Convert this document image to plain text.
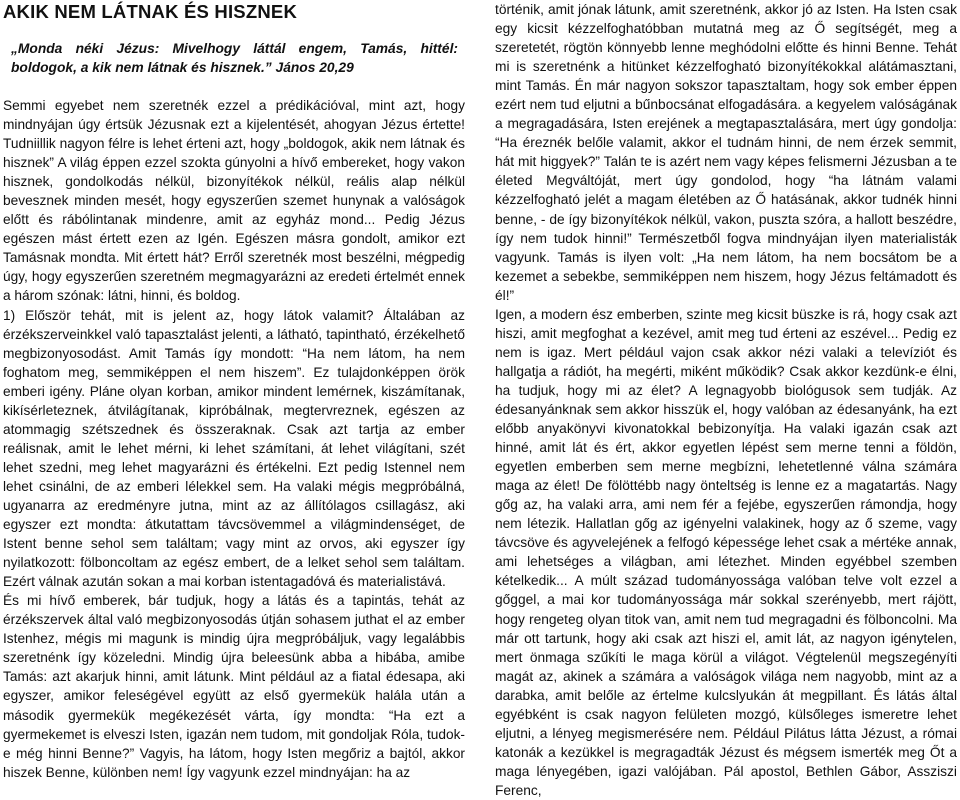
AKIK NEM LÁTNAK ÉS HISZNEK
„Monda néki Jézus: Mivelhogy láttál engem, Tamás, hittél: boldogok, a kik nem látnak és hisznek.” János 20,29

Semmi egyebet nem szeretnék ezzel a prédikációval, mint azt, hogy mindnyájan úgy értsük Jézusnak ezt a kijelentését, ahogyan Jézus értette! Tudniillik nagyon félre is lehet érteni azt, hogy „boldogok, akik nem látnak és hisznek” A világ éppen ezzel szokta gúnyolni a hívő embereket, hogy vakon hisznek, gondolkodás nélkül, bizonyítékok nélkül, reális alap nélkül bevesznek minden mesét, hogy egyszerűen szemet hunynak a valóságok előtt és rábólintanak mindenre, amit az egyház mond... Pedig Jézus egészen mást értett ezen az Igén. Egészen másra gondolt, amikor ezt Tamásnak mondta. Mit értett hát? Erről szeretnék most beszélni, mégpedig úgy, hogy egyszerűen szeretném megmagyarázni az eredeti értelmét ennek a három szónak: látni, hinni, és boldog.

1) Először tehát, mit is jelent az, hogy látok valamit? Általában az érzékszerveinkkel való tapasztalást jelenti, a látható, tapintható, érzékelhető megbizonyosodást. Amit Tamás így mondott: “Ha nem látom, ha nem foghatom meg, semmiképpen el nem hiszem”. Ez tulajdonképpen örök emberi igény. Pláne olyan korban, amikor mindent lemérnek, kiszámítanak, kikísérleteznek, átvilágítanak, kipróbálnak, megtervreznek, egészen az atommagig szétszednek és összeraknak. Csak azt tartja az ember reálisnak, amit le lehet mérni, ki lehet számítani, át lehet világítani, szét lehet szedni, meg lehet magyarázni és értékelni. Ezt pedig Istennel nem lehet csinálni, de az emberi lélekkel sem. Ha valaki mégis megpróbálná, ugyanarra az eredményre jutna, mint az az állítólagos csillagász, aki egyszer ezt mondta: átkutattam távcsövemmel a világmindenséget, de Istent benne sehol sem találtam; vagy mint az orvos, aki egyszer így nyilatkozott: fölboncoltam az egész embert, de a lelket sehol sem találtam. Ezért válnak azután sokan a mai korban istentagadóvá és materialistává.

És mi hívő emberek, bár tudjuk, hogy a látás és a tapintás, tehát az érzékszervek által való megbizonyosodás útján sohasem juthat el az ember Istenhez, mégis mi magunk is mindig újra megpróbáljuk, vagy legalábbis szeretnénk így közeledni. Mindig újra beleesünk abba a hibába, amibe Tamás: azt akarjuk hinni, amit látunk. Mint például az a fiatal édesapa, aki egyszer, amikor feleségével együtt az első gyermekük halála után a második gyermekük megékezését várta, így mondta: “Ha ezt a gyermekemet is elveszi Isten, igazán nem tudom, mit gondoljak Róla, tudok-e még hinni Benne?” Vagyis, ha látom, hogy Isten megőriz a bajtól, akkor hiszek Benne, különben nem! Így vagyunk ezzel mindnyájan: ha az

történik, amit jónak látunk, amit szeretnénk, akkor jó az Isten. Ha Isten csak egy kicsit kézzelfoghatóbban mutatná meg az Ő segítségét, meg a szeretetét, rögtön könnyebb lenne meghódolni előtte és hinni Benne. Tehát mi is szeretnénk a hitünket kézzelfogható bizonyítékokkal alátámasztani, mint Tamás. Én már nagyon sokszor tapasztaltam, hogy sok ember éppen ezért nem tud eljutni a bűnbocsánat elfogadására. a kegyelem valóságának a megragadására, Isten erejének a megtapasztalására, mert úgy gondolja: “Ha éreznék belőle valamit, akkor el tudnám hinni, de nem érzek semmit, hát mit higgyek?” Talán te is azért nem vagy képes felismerni Jézusban a te életed Megváltóját, mert úgy gondolod, hogy “ha látnám valami kézzelfogható jelét a magam életében az Ő hatásának, akkor tudnék hinni benne, - de így bizonyítékok nélkül, vakon, puszta szóra, a hallott beszédre, így nem tudok hinni!” Természetből fogva mindnyájan ilyen materialisták vagyunk. Tamás is ilyen volt: „Ha nem látom, ha nem bocsátom be a kezemet a sebekbe, semmiképpen nem hiszem, hogy Jézus feltámadott és él!”

Igen, a modern ész emberben, szinte meg kicsit büszke is rá, hogy csak azt hiszi, amit megfoghat a kezével, amit meg tud érteni az eszével... Pedig ez nem is igaz. Mert például vajon csak akkor nézi valaki a televíziót és hallgatja a rádiót, ha megérti, miként működik? Csak akkor kezdünk-e élni, ha tudjuk, hogy mi az élet? A legnagyobb biológusok sem tudják. Az édesanyánknak sem akkor hisszük el, hogy valóban az édesanyánk, ha ezt előbb anyakönyvi kivonatokkal bebizonyítja. Ha valaki igazán csak azt hinné, amit lát és ért, akkor egyetlen lépést sem merne tenni a földön, egyetlen emberben sem merne megbízni, lehetetlenné válna számára maga az élet! De fölöttébb nagy önteltség is lenne ez a magatartás. Nagy gőg az, ha valaki arra, ami nem fér a fejébe, egyszerűen rámondja, hogy nem létezik. Hallatlan gőg az igényelni valakinek, hogy az ő szeme, vagy távcsöve és agyvelejének a felfogó képessége lehet csak a mértéke annak, ami lehetséges a világban, ami létezhet. Minden egyébbel szemben kételkedik... A múlt század tudományossága valóban telve volt ezzel a gőggel, a mai kor tudományossága már sokkal szerényebb, mert rájött, hogy rengeteg olyan titok van, amit nem tud megragadni és fölboncolni. Ma már ott tartunk, hogy aki csak azt hiszi el, amit lát, az nagyon igénytelen, mert önmaga szűkíti le maga körül a világot. Végtelenül megszegényíti magát az, akinek a számára a valóságok világa nem nagyobb, mint az a darabka, amit belőle az értelme kulcslyukán át megpillant. És látás által egyébként is csak nagyon felületen mozgó, külsőleges ismeretre lehet eljutni, a lényeg megismerésére nem. Például Pilátus látta Jézust, a római katonák a kezükkel is megragadták Jézust és mégsem ismerték meg Őt a maga lényegében, igazi valójában. Pál apostol, Bethlen Gábor, Assziszi Ferenc,
